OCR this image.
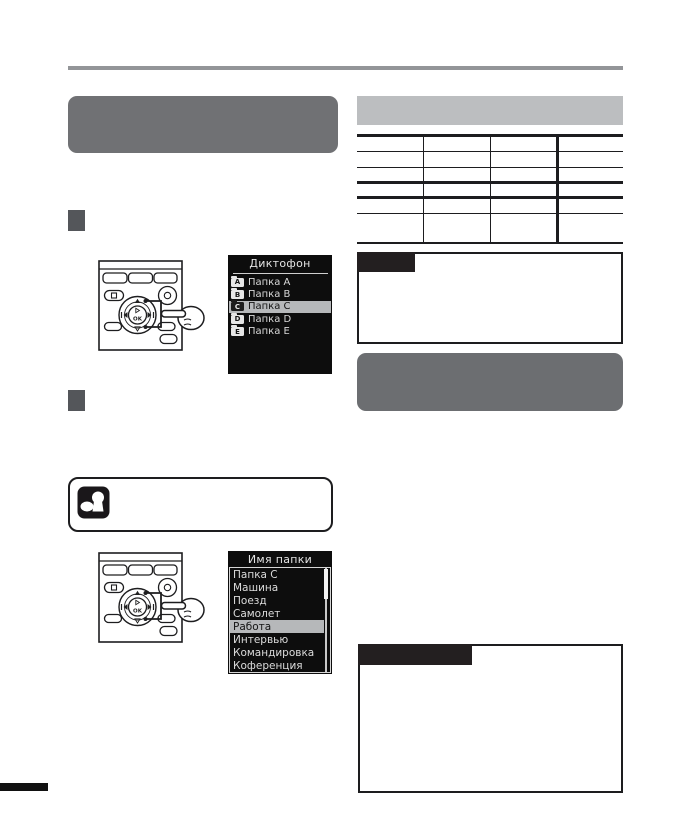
OK
Диктофон
A Папка A
B Папка B
C Папка C
D Папка D
E Папка E
OK
Имя папки
Папка C
Машина
Поезд
Самолет
Работа
Интервью
Командировка
Коференция
